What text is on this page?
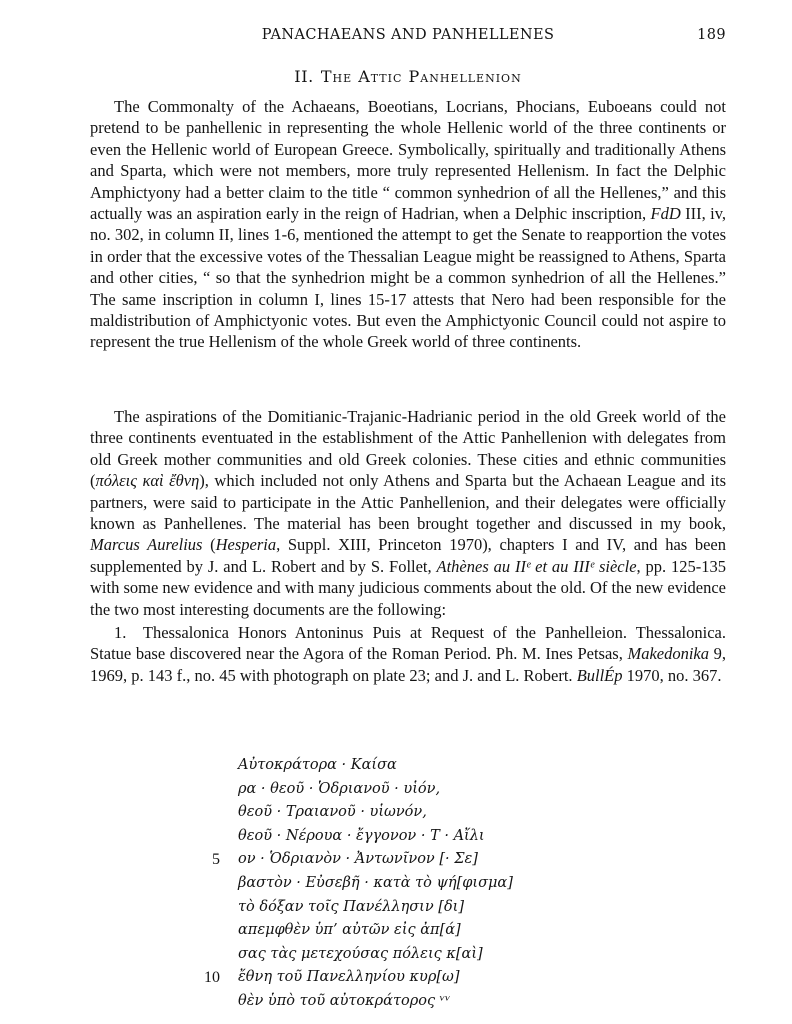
PANACHAEANS AND PANHELLENES	189
II. The Attic Panhellenion

The Commonalty of the Achaeans, Boeotians, Locrians, Phocians, Euboeans could not pretend to be panhellenic in representing the whole Hellenic world of the three continents or even the Hellenic world of European Greece. Symbolically, spiritually and traditionally Athens and Sparta, which were not members, more truly represented Hellenism. In fact the Delphic Amphictyony had a better claim to the title “ common synhedrion of all the Hellenes,” and this actually was an aspiration early in the reign of Hadrian, when a Delphic inscription, FdD III, iv, no. 302, in column II, lines 1-6, mentioned the attempt to get the Senate to reapportion the votes in order that the excessive votes of the Thessalian League might be reassigned to Athens, Sparta and other cities, “ so that the synhedrion might be a common synhedrion of all the Hellenes.” The same inscription in column I, lines 15-17 attests that Nero had been responsible for the maldistribution of Amphictyonic votes. But even the Amphictyonic Council could not aspire to represent the true Hellenism of the whole Greek world of three continents.

The aspirations of the Domitianic-Trajanic-Hadrianic period in the old Greek world of the three continents eventuated in the establishment of the Attic Panhellenion with delegates from old Greek mother communities and old Greek colonies. These cities and ethnic communities (πόλεις καὶ ἔθνη), which included not only Athens and Sparta but the Achaean League and its partners, were said to participate in the Attic Panhellenion, and their delegates were officially known as Panhellenes. The material has been brought together and discussed in my book, Marcus Aurelius (Hesperia, Suppl. XIII, Princeton 1970), chapters I and IV, and has been supplemented by J. and L. Robert and by S. Follet, Athènes au IIᵉ et au IIIᵉ siècle, pp. 125-135 with some new evidence and with many judicious comments about the old. Of the new evidence the two most interesting documents are the following:

1. Thessalonica Honors Antoninus Puis at Request of the Panhelleion. Thessalonica. Statue base discovered near the Agora of the Roman Period. Ph. M. Ines Petsas, Makedonika 9, 1969, p. 143 f., no. 45 with photograph on plate 23; and J. and L. Robert. BullÉp 1970, no. 367.

Αὐτοκράτορα · Καίσα
ρα · θεοῦ · Ὁδριανοῦ · υἱόν,
θεοῦ · Τραιανοῦ · υἱωνόν,
θεοῦ · Νέρουα · ἔγγονον · Τ · Αἴλι
5 ον · Ὁδριανὸν · Ἀντωνῖνον [· Σε]
βαστὸν · Εὐσεβῆ · κατὰ τὸ ψή[φισμα]
τὸ δόξαν τοῖς Πανέλλησιν [δι]
απεμφθὲν ὑπ’ αὐτῶν εἰς ἀπ[ά]
σας τὰς μετεχούσας πόλεις κ[αὶ]
10 ἔθνη τοῦ Πανελληνίου κυρ[ω]
θὲν ὑπὸ τοῦ αὐτοκράτορος ᵛᵛ
